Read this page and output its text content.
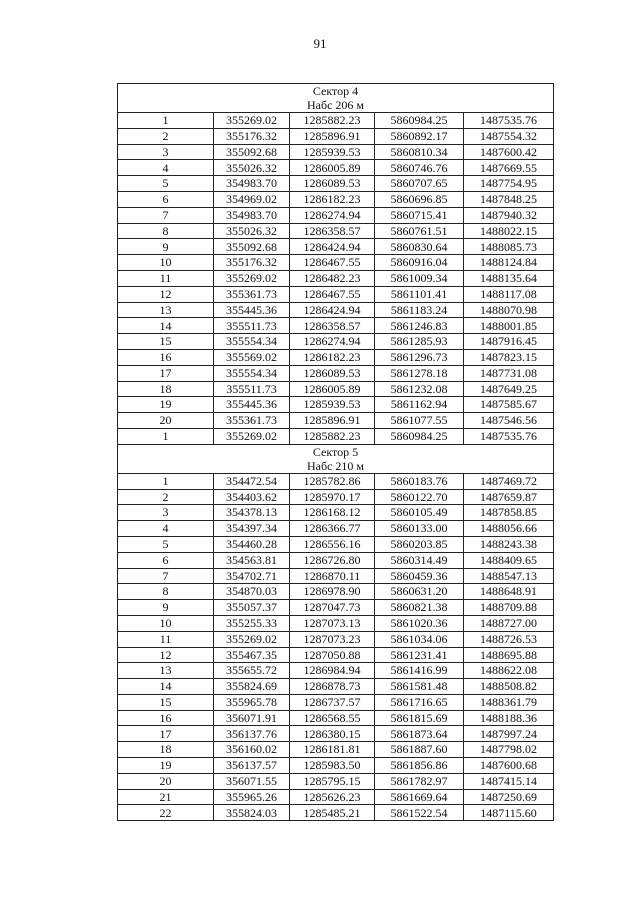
91
Сектор 4
Набс 206 м				

1	355269.02	1285882.23	5860984.25	1487535.76
2	355176.32	1285896.91	5860892.17	1487554.32
3	355092.68	1285939.53	5860810.34	1487600.42
4	355026.32	1286005.89	5860746.76	1487669.55
5	354983.70	1286089.53	5860707.65	1487754.95
6	354969.02	1286182.23	5860696.85	1487848.25
7	354983.70	1286274.94	5860715.41	1487940.32
8	355026.32	1286358.57	5860761.51	1488022.15
9	355092.68	1286424.94	5860830.64	1488085.73
10	355176.32	1286467.55	5860916.04	1488124.84
11	355269.02	1286482.23	5861009.34	1488135.64
12	355361.73	1286467.55	5861101.41	1488117.08
13	355445.36	1286424.94	5861183.24	1488070.98
14	355511.73	1286358.57	5861246.83	1488001.85
15	355554.34	1286274.94	5861285.93	1487916.45
16	355569.02	1286182.23	5861296.73	1487823.15
17	355554.34	1286089.53	5861278.18	1487731.08
18	355511.73	1286005.89	5861232.08	1487649.25
19	355445.36	1285939.53	5861162.94	1487585.67
20	355361.73	1285896.91	5861077.55	1487546.56
1	355269.02	1285882.23	5860984.25	1487535.76

Сектор 5
Набс 210 м				

1	354472.54	1285782.86	5860183.76	1487469.72
2	354403.62	1285970.17	5860122.70	1487659.87
3	354378.13	1286168.12	5860105.49	1487858.85
4	354397.34	1286366.77	5860133.00	1488056.66
5	354460.28	1286556.16	5860203.85	1488243.38
6	354563.81	1286726.80	5860314.49	1488409.65
7	354702.71	1286870.11	5860459.36	1488547.13
8	354870.03	1286978.90	5860631.20	1488648.91
9	355057.37	1287047.73	5860821.38	1488709.88
10	355255.33	1287073.13	5861020.36	1488727.00
11	355269.02	1287073.23	5861034.06	1488726.53
12	355467.35	1287050.88	5861231.41	1488695.88
13	355655.72	1286984.94	5861416.99	1488622.08
14	355824.69	1286878.73	5861581.48	1488508.82
15	355965.78	1286737.57	5861716.65	1488361.79
16	356071.91	1286568.55	5861815.69	1488188.36
17	356137.76	1286380.15	5861873.64	1487997.24
18	356160.02	1286181.81	5861887.60	1487798.02
19	356137.57	1285983.50	5861856.86	1487600.68
20	356071.55	1285795.15	5861782.97	1487415.14
21	355965.26	1285626.23	5861669.64	1487250.69
22	355824.03	1285485.21	5861522.54	1487115.60
